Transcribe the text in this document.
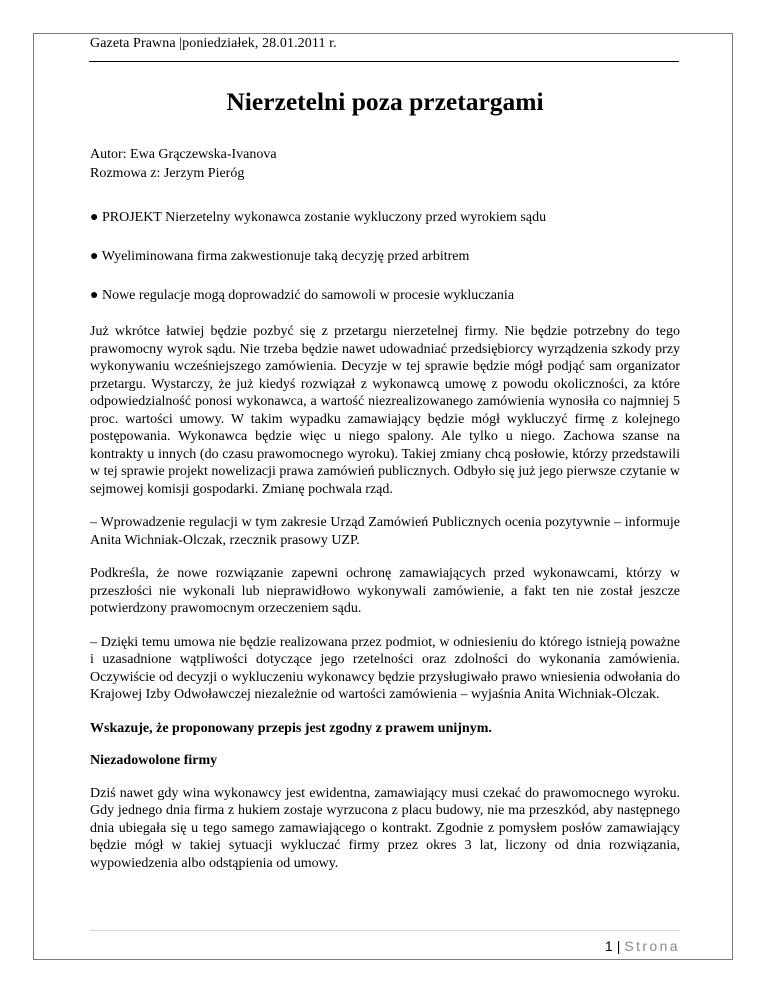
Gazeta Prawna |poniedziałek, 28.01.2011 r.
Nierzetelni poza przetargami
Autor: Ewa Grączewska-Ivanova
Rozmowa z: Jerzym Pieróg
● PROJEKT Nierzetelny wykonawca zostanie wykluczony przed wyrokiem sądu
● Wyeliminowana firma zakwestionuje taką decyzję przed arbitrem
● Nowe regulacje mogą doprowadzić do samowoli w procesie wykluczania

Już wkrótce łatwiej będzie pozbyć się z przetargu nierzetelnej firmy. Nie będzie potrzebny do tego prawomocny wyrok sądu. Nie trzeba będzie nawet udowadniać przedsiębiorcy wyrządzenia szkody przy wykonywaniu wcześniejszego zamówienia. Decyzje w tej sprawie będzie mógł podjąć sam organizator przetargu. Wystarczy, że już kiedyś rozwiązał z wykonawcą umowę z powodu okoliczności, za które odpowiedzialność ponosi wykonawca, a wartość niezrealizowanego zamówienia wynosiła co najmniej 5 proc. wartości umowy. W takim wypadku zamawiający będzie mógł wykluczyć firmę z kolejnego postępowania. Wykonawca będzie więc u niego spalony. Ale tylko u niego. Zachowa szanse na kontrakty u innych (do czasu prawomocnego wyroku). Takiej zmiany chcą posłowie, którzy przedstawili w tej sprawie projekt nowelizacji prawa zamówień publicznych. Odbyło się już jego pierwsze czytanie w sejmowej komisji gospodarki. Zmianę pochwala rząd.

– Wprowadzenie regulacji w tym zakresie Urząd Zamówień Publicznych ocenia pozytywnie – informuje Anita Wichniak-Olczak, rzecznik prasowy UZP.

Podkreśla, że nowe rozwiązanie zapewni ochronę zamawiających przed wykonawcami, którzy w przeszłości nie wykonali lub nieprawidłowo wykonywali zamówienie, a fakt ten nie został jeszcze potwierdzony prawomocnym orzeczeniem sądu.

– Dzięki temu umowa nie będzie realizowana przez podmiot, w odniesieniu do którego istnieją poważne i uzasadnione wątpliwości dotyczące jego rzetelności oraz zdolności do wykonania zamówienia. Oczywiście od decyzji o wykluczeniu wykonawcy będzie przysługiwało prawo wniesienia odwołania do Krajowej Izby Odwoławczej niezależnie od wartości zamówienia – wyjaśnia Anita Wichniak-Olczak.

Wskazuje, że proponowany przepis jest zgodny z prawem unijnym.

Niezadowolone firmy

Dziś nawet gdy wina wykonawcy jest ewidentna, zamawiający musi czekać do prawomocnego wyroku. Gdy jednego dnia firma z hukiem zostaje wyrzucona z placu budowy, nie ma przeszkód, aby następnego dnia ubiegała się u tego samego zamawiającego o kontrakt. Zgodnie z pomysłem posłów zamawiający będzie mógł w takiej sytuacji wykluczać firmy przez okres 3 lat, liczony od dnia rozwiązania, wypowiedzenia albo odstąpienia od umowy.

1 | Strona
